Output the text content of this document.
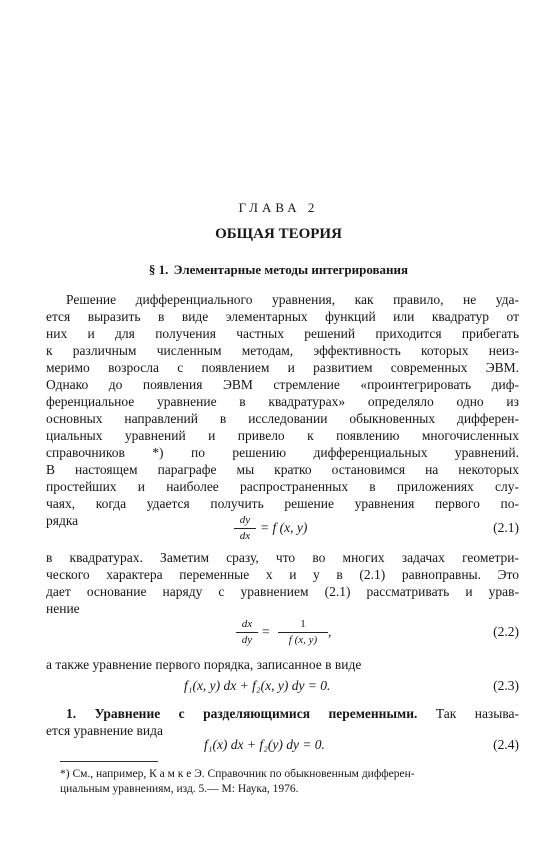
ГЛАВА 2
ОБЩАЯ ТЕОРИЯ
§ 1. Элементарные методы интегрирования
Решение дифференциального уравнения, как правило, не уда-
ется выразить в виде элементарных функций или квадратур от
них и для получения частных решений приходится прибегать
к различным численным методам, эффективность которых неиз-
меримо возросла с появлением и развитием современных ЭВМ.
Однако до появления ЭВМ стремление «проинтегрировать диф-
ференциальное уравнение в квадратурах» определяло одно из
основных направлений в исследовании обыкновенных дифферен-
циальных уравнений и привело к появлению многочисленных
справочников *) по решению дифференциальных уравнений.
В настоящем параграфе мы кратко остановимся на некоторых
простейших и наиболее распространенных в приложениях слу-
чаях, когда удается получить решение уравнения первого по-
рядка	dy
dx
= f (x, y)	(2.1)
в квадратурах. Заметим сразу, что во многих задачах геометри-
ческого характера переменные x и y в (2.1) равноправны. Это
дает основание наряду с уравнением (2.1) рассматривать и урав-
нение
dx
dy
=	1
f (x, y)
,	(2.2)
а также уравнение первого порядка, записанное в виде
f₁(x, y) dx + f₂(x, y) dy = 0.	(2.3)
1. Уравнение с разделяющимися переменными. Так называ-
ется уравнение вида
f₁(x) dx + f₂(y) dy = 0.	(2.4)
*) См., например, К а м к е Э. Справочник по обыкновенным дифферен-
циальным уравнениям, изд. 5.— М: Наука, 1976.
